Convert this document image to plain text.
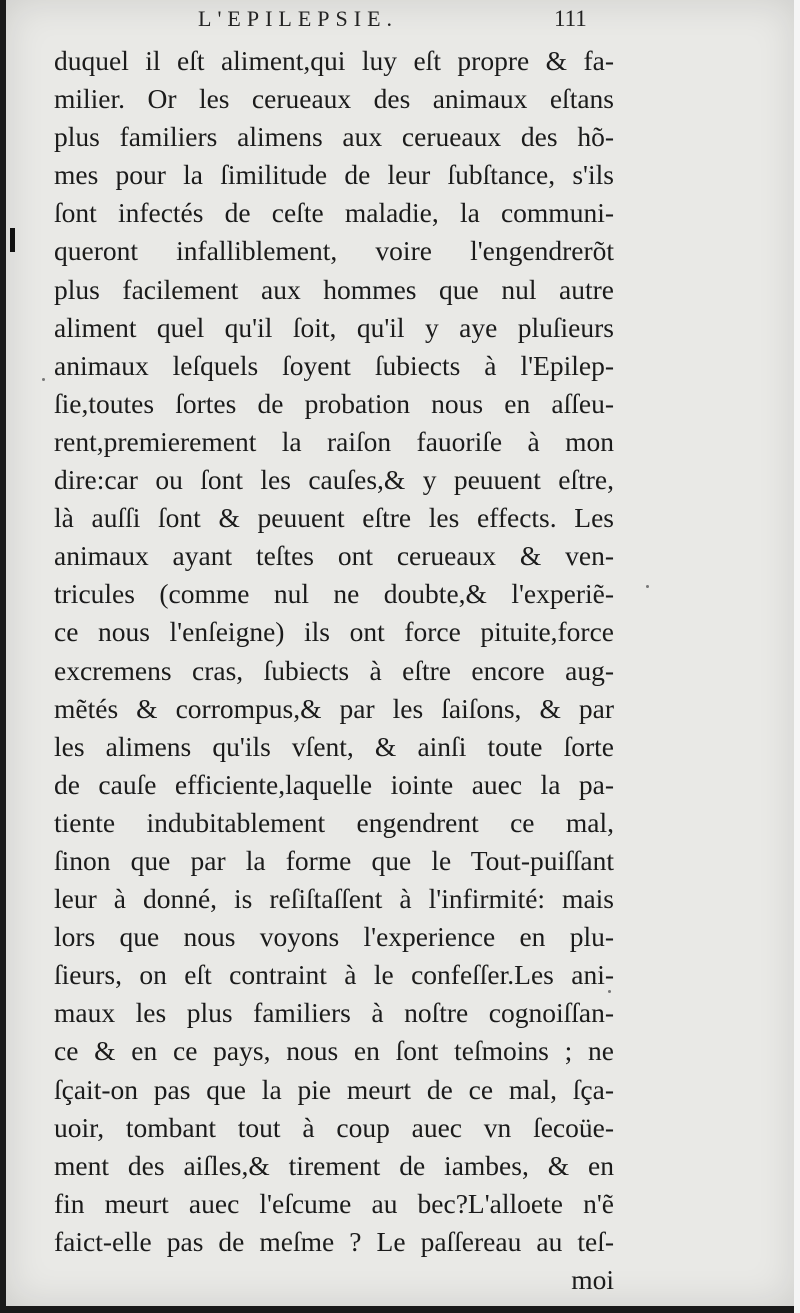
L'EPILEPSIE.	111
duquel il eſt aliment,qui luy eſt propre & fa-
milier. Or les cerueaux des animaux eſtans
plus familiers alimens aux cerueaux des hõ-
mes pour la ſimilitude de leur ſubſtance, s'ils
ſont infectés de ceſte maladie, la communi-
queront infalliblement, voire l'engendrerõt
plus facilement aux hommes que nul autre
aliment quel qu'il ſoit, qu'il y aye pluſieurs
animaux leſquels ſoyent ſubiects à l'Epilep-
ſie,toutes ſortes de probation nous en aſſeu-
rent,premierement la raiſon fauoriſe à mon
dire:car ou ſont les cauſes,& y peuuent eſtre,
là auſſi ſont & peuuent eſtre les effects. Les
animaux ayant teſtes ont cerueaux & ven-
tricules (comme nul ne doubte,& l'experiẽ-
ce nous l'enſeigne) ils ont force pituite,force
excremens cras, ſubiects à eſtre encore aug-
mẽtés & corrompus,& par les ſaiſons, & par
les alimens qu'ils vſent, & ainſi toute ſorte
de cauſe efficiente,laquelle iointe auec la pa-
tiente indubitablement engendrent ce mal,
ſinon que par la forme que le Tout-puiſſant
leur à donné, is reſiſtaſſent à l'infirmité: mais
lors que nous voyons l'experience en plu-
ſieurs, on eſt contraint à le confeſſer.Les ani-
maux les plus familiers à noſtre cognoiſſan-
ce & en ce pays, nous en ſont teſmoins ; ne
ſçait-on pas que la pie meurt de ce mal, ſça-
uoir, tombant tout à coup auec vn ſecoüe-
ment des aiſles,& tirement de iambes, & en
fin meurt auec l'eſcume au bec?L'alloete n'ẽ
faict-elle pas de meſme ? Le paſſereau au teſ-
moi
